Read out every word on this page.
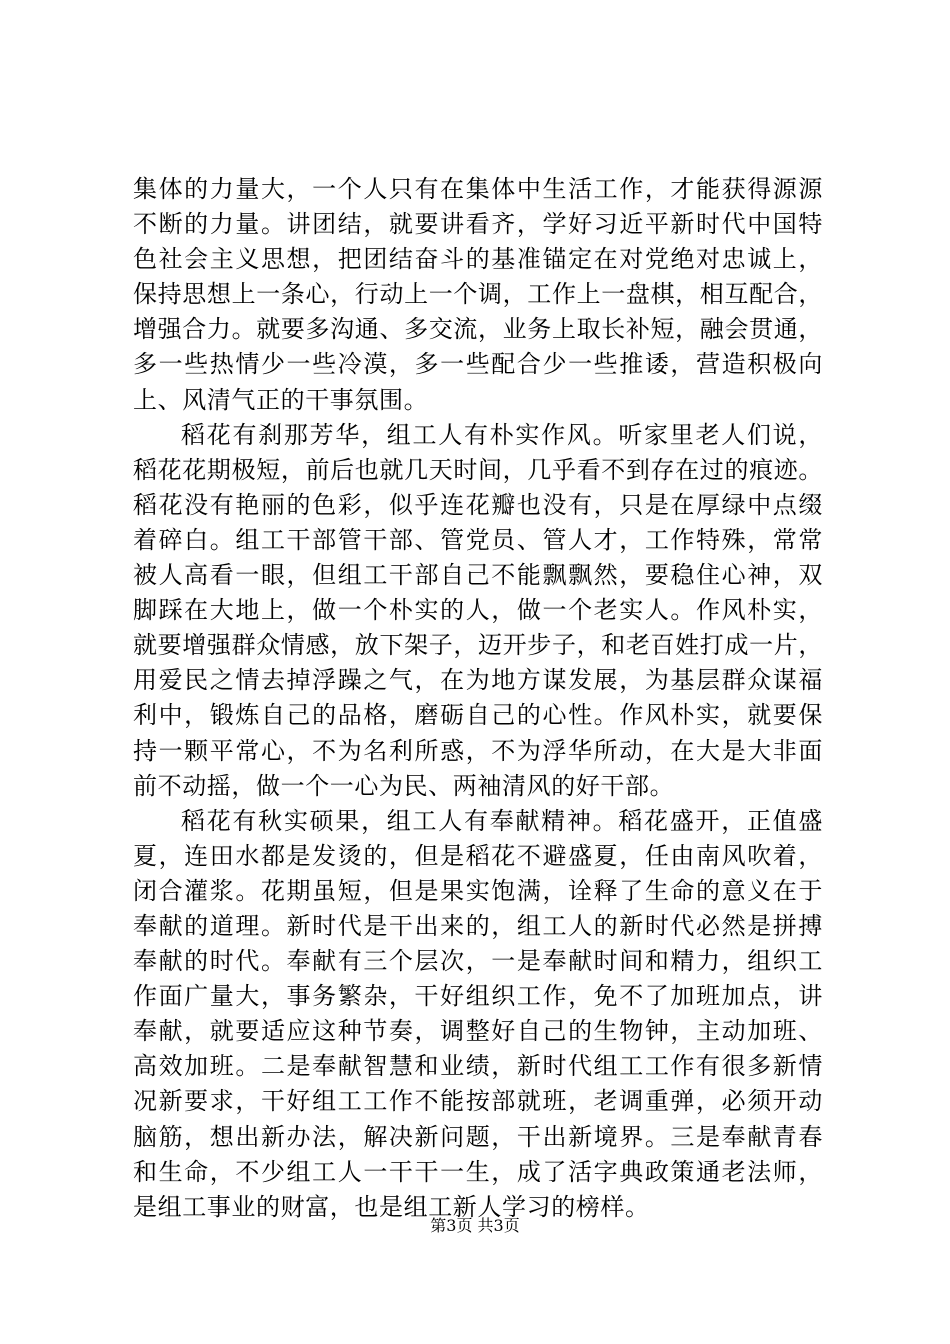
集体的力量大，一个人只有在集体中生活工作，才能获得源源
不断的力量。讲团结，就要讲看齐，学好习近平新时代中国特
色社会主义思想，把团结奋斗的基准锚定在对党绝对忠诚上，
保持思想上一条心，行动上一个调，工作上一盘棋，相互配合，
增强合力。就要多沟通、多交流，业务上取长补短，融会贯通，
多一些热情少一些冷漠，多一些配合少一些推诿，营造积极向
上、风清气正的干事氛围。
稻花有刹那芳华，组工人有朴实作风。听家里老人们说，
稻花花期极短，前后也就几天时间，几乎看不到存在过的痕迹。
稻花没有艳丽的色彩，似乎连花瓣也没有，只是在厚绿中点缀
着碎白。组工干部管干部、管党员、管人才，工作特殊，常常
被人高看一眼，但组工干部自己不能飘飘然，要稳住心神，双
脚踩在大地上，做一个朴实的人，做一个老实人。作风朴实，
就要增强群众情感，放下架子，迈开步子，和老百姓打成一片，
用爱民之情去掉浮躁之气，在为地方谋发展，为基层群众谋福
利中，锻炼自己的品格，磨砺自己的心性。作风朴实，就要保
持一颗平常心，不为名利所惑，不为浮华所动，在大是大非面
前不动摇，做一个一心为民、两袖清风的好干部。
稻花有秋实硕果，组工人有奉献精神。稻花盛开，正值盛
夏，连田水都是发烫的，但是稻花不避盛夏，任由南风吹着，
闭合灌浆。花期虽短，但是果实饱满，诠释了生命的意义在于
奉献的道理。新时代是干出来的，组工人的新时代必然是拼搏
奉献的时代。奉献有三个层次，一是奉献时间和精力，组织工
作面广量大，事务繁杂，干好组织工作，免不了加班加点，讲
奉献，就要适应这种节奏，调整好自己的生物钟，主动加班、
高效加班。二是奉献智慧和业绩，新时代组工工作有很多新情
况新要求，干好组工工作不能按部就班，老调重弹，必须开动
脑筋，想出新办法，解决新问题，干出新境界。三是奉献青春
和生命，不少组工人一干干一生，成了活字典政策通老法师，
是组工事业的财富，也是组工新人学习的榜样。
第3页 共3页
